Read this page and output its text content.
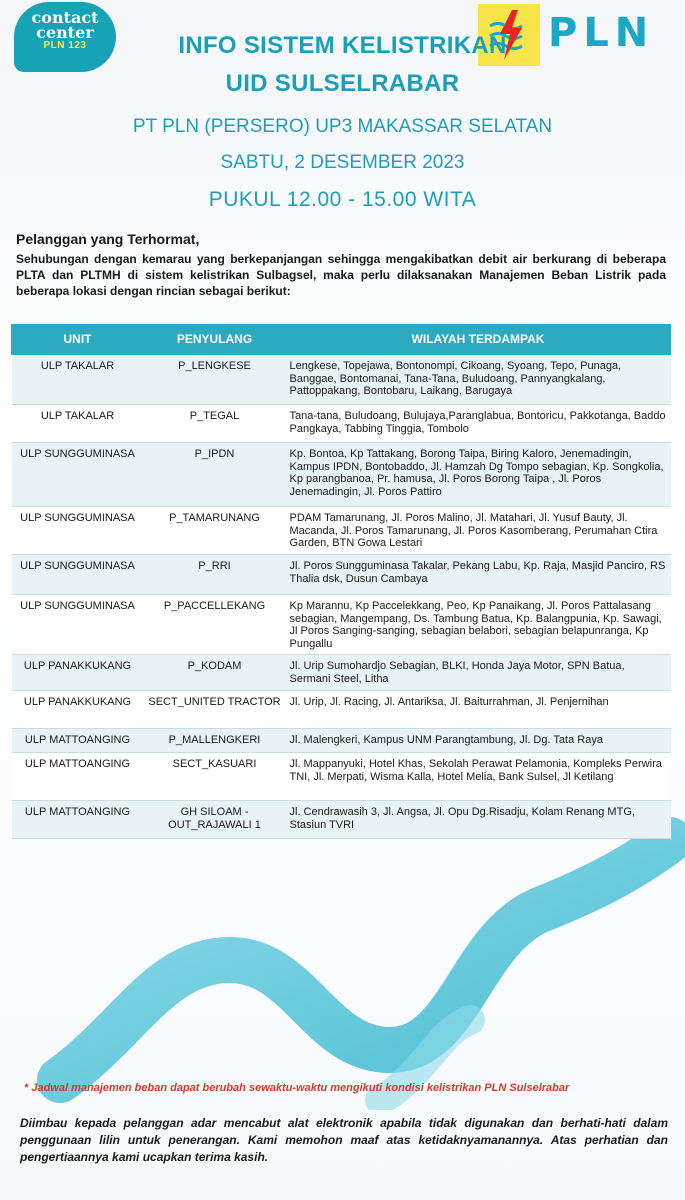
contact
center
PLN 123	PLN
INFO SISTEM KELISTRIKAN
UID SULSELRABAR
PT PLN (PERSERO) UP3 MAKASSAR SELATAN
SABTU, 2 DESEMBER 2023
PUKUL 12.00 - 15.00 WITA
Pelanggan yang Terhormat,
Sehubungan dengan kemarau yang berkepanjangan sehingga mengakibatkan debit air berkurang di beberapa PLTA dan PLTMH di sistem kelistrikan Sulbagsel, maka perlu dilaksanakan Manajemen Beban Listrik pada beberapa lokasi dengan rincian sebagai berikut:
UNIT	PENYULANG	WILAYAH TERDAMPAK
ULP TAKALAR	P_LENGKESE	Lengkese, Topejawa, Bontonompi, Cikoang, Syoang, Tepo, Punaga, Banggae, Bontomanai, Tana-Tana, Buludoang, Pannyangkalang, Pattoppakang, Bontobaru, Laikang, Barugaya
ULP TAKALAR	P_TEGAL	Tana-tana, Buludoang, Bulujaya,Paranglabua, Bontoricu, Pakkotanga, Baddo Pangkaya, Tabbing Tinggia, Tombolo
ULP SUNGGUMINASA	P_IPDN	Kp. Bontoa, Kp Tattakang, Borong Taipa, Biring Kaloro, Jenemadingin, Kampus IPDN, Bontobaddo, Jl. Hamzah Dg Tompo sebagian, Kp. Songkolia, Kp parangbanoa, Pr. hamusa, Jl. Poros Borong Taipa , Jl. Poros Jenemadingin, Jl. Poros Pattiro
ULP SUNGGUMINASA	P_TAMARUNANG	PDAM Tamarunang, Jl. Poros Malino, Jl. Matahari, Jl. Yusuf Bauty, Jl. Macanda, Jl. Poros Tamarunang, Jl. Poros Kasomberang, Perumahan Ctira Garden, BTN Gowa Lestari
ULP SUNGGUMINASA	P_RRI	Jl. Poros Sungguminasa Takalar, Pekang Labu, Kp. Raja, Masjid Panciro, RS Thalia dsk, Dusun Cambaya
ULP SUNGGUMINASA	P_PACCELLEKANG	Kp Marannu, Kp Paccelekkang, Peo, Kp Panaikang, Jl. Poros Pattalasang sebagian, Mangempang, Ds. Tambung Batua, Kp. Balangpunia, Kp. Sawagi, Jl Poros Sanging-sanging, sebagian belabori, sebagian belapunranga, Kp Pungallu
ULP PANAKKUKANG	P_KODAM	Jl. Urip Sumohardjo Sebagian, BLKI, Honda Jaya Motor, SPN Batua, Sermani Steel, Litha
ULP PANAKKUKANG	SECT_UNITED TRACTOR	Jl. Urip, Jl. Racing, Jl. Antariksa, Jl. Baiturrahman, Jl. Penjernihan
ULP MATTOANGING	P_MALLENGKERI	Jl. Malengkeri, Kampus UNM Parangtambung, Jl. Dg. Tata Raya
ULP MATTOANGING	SECT_KASUARI	Jl. Mappanyuki, Hotel Khas, Sekolah Perawat Pelamonia, Kompleks Perwira TNI, Jl. Merpati, Wisma Kalla, Hotel Melia, Bank Sulsel, Jl Ketilang
ULP MATTOANGING	GH SILOAM - OUT_RAJAWALI 1	Jl. Cendrawasih 3, Jl. Angsa, Jl. Opu Dg.Risadju, Kolam Renang MTG, Stasiun TVRI
* Jadwal manajemen beban dapat berubah sewaktu-waktu mengikuti kondisi kelistrikan PLN Sulselrabar
Diimbau kepada pelanggan adar mencabut alat elektronik apabila tidak digunakan dan berhati-hati dalam penggunaan lilin untuk penerangan. Kami memohon maaf atas ketidaknyamanannya. Atas perhatian dan pengertiaannya kami ucapkan terima kasih.
